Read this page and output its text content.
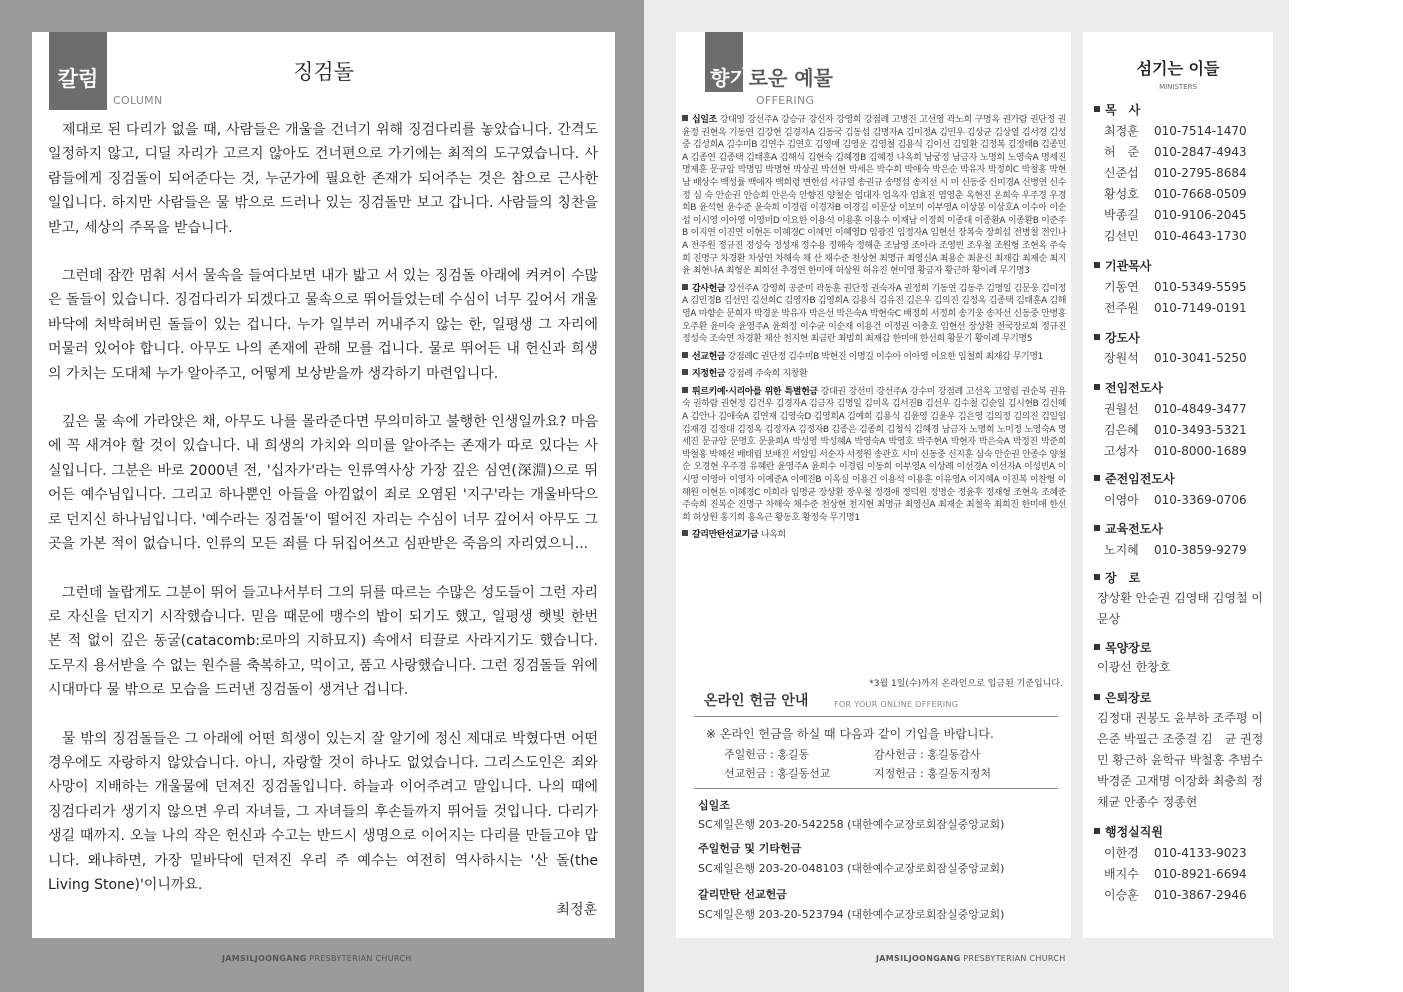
칼럼
COLUMN
징검돌

제대로 된 다리가 없을 때, 사람들은 개울을 건너기 위해 징검다리를 놓았습니다. 간격도 일정하지 않고, 디딜 자리가 고르지 않아도 건너편으로 가기에는 최적의 도구였습니다. 사람들에게 징검돌이 되어준다는 것, 누군가에 필요한 존재가 되어주는 것은 참으로 근사한 일입니다. 하지만 사람들은 물 밖으로 드러나 있는 징검돌만 보고 갑니다. 사람들의 칭찬을 받고, 세상의 주목을 받습니다.

그런데 잠깐 멈춰 서서 물속을 들여다보면 내가 밟고 서 있는 징검돌 아래에 켜켜이 수많은 돌들이 있습니다. 징검다리가 되겠다고 물속으로 뛰어들었는데 수심이 너무 깊어서 개울바닥에 처박혀버린 돌들이 있는 겁니다. 누가 일부러 꺼내주지 않는 한, 일평생 그 자리에 머물러 있어야 합니다. 아무도 나의 존재에 관해 모를 겁니다. 물로 뛰어든 내 헌신과 희생의 가치는 도대체 누가 알아주고, 어떻게 보상받을까 생각하기 마련입니다.

깊은 물 속에 가라앉은 채, 아무도 나를 몰라준다면 무의미하고 불행한 인생일까요? 마음에 꼭 새겨야 할 것이 있습니다. 내 희생의 가치와 의미를 알아주는 존재가 따로 있다는 사실입니다. 그분은 바로 2000년 전, '십자가'라는 인류역사상 가장 깊은 심연(深淵)으로 뛰어든 예수님입니다. 그리고 하나뿐인 아들을 아낌없이 죄로 오염된 '지구'라는 개울바닥으로 던지신 하나님입니다. '예수라는 징검돌'이 떨어진 자리는 수심이 너무 깊어서 아무도 그 곳을 가본 적이 없습니다. 인류의 모든 죄를 다 뒤집어쓰고 심판받은 죽음의 자리였으니...

그런데 놀랍게도 그분이 뛰어 들고나서부터 그의 뒤를 따르는 수많은 성도들이 그런 자리로 자신을 던지기 시작했습니다. 믿음 때문에 맹수의 밥이 되기도 했고, 일평생 햇빛 한번 본 적 없이 깊은 동굴(catacomb:로마의 지하묘지) 속에서 티끌로 사라지기도 했습니다. 도무지 용서받을 수 없는 원수를 축복하고, 먹이고, 품고 사랑했습니다. 그런 징검돌들 위에 시대마다 물 밖으로 모습을 드러낸 징검돌이 생겨난 겁니다.

물 밖의 징검돌들은 그 아래에 어떤 희생이 있는지 잘 알기에 정신 제대로 박혔다면 어떤 경우에도 자랑하지 않았습니다. 아니, 자랑할 것이 하나도 없었습니다. 그리스도인은 죄와 사망이 지배하는 개울물에 던져진 징검돌입니다. 하늘과 이어주려고 말입니다. 나의 때에 징검다리가 생기지 않으면 우리 자녀들, 그 자녀들의 후손들까지 뛰어들 것입니다. 다리가 생길 때까지. 오늘 나의 작은 헌신과 수고는 반드시 생명으로 이어지는 다리를 만들고야 맙니다. 왜냐하면, 가장 밑바닥에 던져진 우리 주 예수는 여전히 역사하시는 '산 돌(the Living Stone)'이니까요.

최정훈
JAMSILJOONGANG PRESBYTERIAN CHURCH
향기로운 예물
OFFERING
십일조 강대영 강선주A 강승규 강신자 강영희 강점례 고병진 고선영 곽노희 구명옥 권가람 권단정 권윤정 권현옥 기동연 김강현 김경자A 김동국 김동섭 김명자A 김미정A 김민우 김상균 김상열 김서경 김성중 김성희A 김수미B 김연수 김연호 김영매 김영운 김영철 김용식 김이선 김일환 김정복 김정태B 김종민A 김종연 김종택 김태훈A 김해식 김현숙 김혜경B 김혜정 나옥희 남궁정 남금자 노명희 노영숙A 명세진 명제훈 문규암 박명임 박명현 박상권 박선현 박세은 박수희 박애숙 박은순 박유자 박정희C 박철홍 박현남 배상수 백성률 백애자 백희령 변헌섭 서규열 송권규 송명섭 송지선 시 미 신동중 신미경A 신병연 신수정 심 숙 안순권 안승희 안은숙 안향진 양철순 엄대자 엄옥자 엄효진 염영춘 옥현진 온희숙 우주경 우경희B 윤석현 윤수준 윤숙희 이경림 이경자B 이경길 이문상 이보미 이부영A 이상봉 이상호A 이수아 이순섭 이시영 이아영 이영미D 이요한 이용석 이용훈 이용수 이재남 이정희 이종대 이종환A 이종환B 이준주B 이지연 이진연 이현돈 이혜경C 이혜민 이혜영D 임광진 임정자A 임현선 장복숙 장희섭 전병철 전인나A 전주원 정규진 정성숙 정성재 정수용 정해숙 정해춘 조남영 조아라 조영빈 조우철 조원형 조현옥 주숙희 진명구 차경환 차상연 차해숙 채 산 채수준 천상현 최명규 최영신A 최용순 최윤신 최재갑 최재순 최지윤 최현나A 최형운 최희선 추경연 한미애 허상원 허유진 현미영 황금자 황근하 황이례 무기명3
감사헌금 강선주A 강영희 공준미 곽동훈 권단정 권숙자A 권정희 기동연 김동주 김명일 김문웅 김미정A 김민정B 김선민 김선희C 김영자B 김영희A 김용식 김유진 김은우 김의진 김정옥 김종택 김태훈A 김해영A 마향순 문희자 박경운 박유자 박은선 박은숙A 박현숙C 배정희 서정희 송기웅 송자선 신동중 안병홍 오주환 윤미숙 윤영주A 윤희정 이수균 이순재 이용건 이정권 이충호 임현선 장상환 전국장로회 정규진 정성숙 조숙연 차경환 채산 천지현 최금란 최범희 최재갑 한미애 한선희 황문기 황이례 무기명5
선교헌금 강점례C 권단정 김수미B 박현진 이명길 이수아 이아영 이요한 임철희 최재갑 무기명1
지정헌금 강점례 주숙희 지창환
튀르키예·시리아를 위한 특별헌금 강대권 강선미 강선주A 강수미 강점례 고선옥 고영림 권순복 권유숙 권하람 권현정 김건우 김경자A 김금자 김명일 김미옥 김서진B 김선우 김수철 김순일 김시현B 김신혜A 김안나 김애숙A 김연재 김영숙D 김영희A 김예희 김용식 김윤영 김윤우 김은영 김의정 김의진 김일임 김재경 김정대 김정옥 김정자A 김정자B 김종은 김종희 김청식 김혜경 남금자 노명희 노미정 노영숙A 명세진 문규암 문명호 문윤희A 박성영 박성혜A 박영숙A 박영호 박주현A 박현자 박은숙A 박정진 박준희 박철홍 박해선 배태림 보배진 서알임 서순자 서정원 송관호 시미 신동중 신지훈 심숙 안순권 안종수 양철순 오경현 우주경 유혜란 윤영주A 윤희수 이경림 이동희 이부영A 이상례 이선경A 이선자A 이성빈A 이시영 이영아 이영자 이예준A 이예진B 이옥실 이용건 이용석 이용훈 이유영A 이지혜A 이진복 이찬형 이해원 이현돈 이혜경C 이희라 임명균 장상환 장우철 정경애 정덕원 정명순 정윤후 정재형 조현옥 조혜준 주숙희 진복순 진명구 차해숙 채수준 천상현 천지현 최명규 최영신A 최재순 최철욱 최희진 한미애 한선희 허상원 홍기희 홍옥근 황동호 황정숙 무기명1
갈리만탄선교기금 나옥희
*3월 1일(수)까지 온라인으로 입금된 기준입니다.
온라인 헌금 안내	FOR YOUR ONLINE OFFERING
※ 온라인 헌금을 하실 때 다음과 같이 기입을 바랍니다.
주일헌금 : 홍길동	감사헌금 : 홍길동감사
선교헌금 : 홍길동선교	지정헌금 : 홍길동지정처
십일조
SC제일은행 203-20-542258 (대한예수교장로회잠실중앙교회)
주일헌금 및 기타헌금
SC제일은행 203-20-048103 (대한예수교장로회잠실중앙교회)
갈리만탄 선교헌금
SC제일은행 203-20-523794 (대한예수교장로회잠실중앙교회)
JAMSILJOONGANG PRESBYTERIAN CHURCH
섬기는 이들
MINISTERS
목　사
최정훈 010-7514-1470
허　준 010-2847-4943
신준섭 010-2795-8684
황성호 010-7668-0509
박종길 010-9106-2045
김선민 010-4643-1730
기관목사
기동연 010-5349-5595
전주원 010-7149-0191
강도사
장원석 010-3041-5250
전임전도사
권월선 010-4849-3477
김은혜 010-3493-5321
고성자 010-8000-1689
준전임전도사
이영아 010-3369-0706
교육전도사
노지혜 010-3859-9279
장　로
장상환 안순권 김영태 김영철 이문상
목양장로
이광선 한창호
은퇴장로
김정대 권봉도 윤부하 조주평 이은준 박필근 조중걸 김　균 권정민 황근하 윤학규 박철홍 추범수 박경준 고재명 이장화 최충희 정채균 안종수 정종현
행정실직원
이한경 010-4133-9023
배지수 010-8921-6694
이승훈 010-3867-2946
